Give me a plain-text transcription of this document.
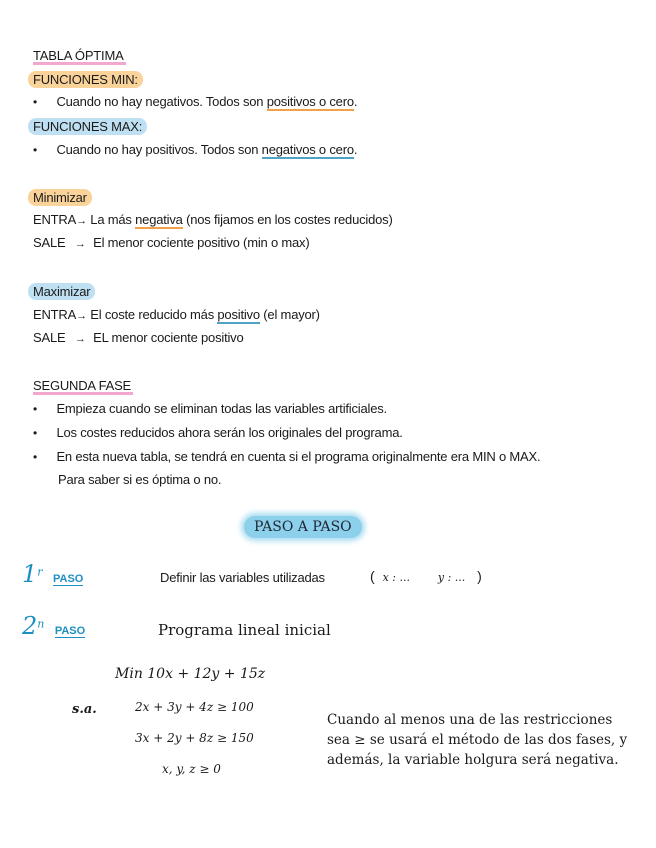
TABLA ÓPTIMA
FUNCIONES MIN:
• Cuando no hay negativos. Todos son positivos o cero.
FUNCIONES MAX:
• Cuando no hay positivos. Todos son negativos o cero.
Minimizar
ENTRA→ La más negativa (nos fijamos en los costes reducidos)
SALE → El menor cociente positivo (min o max)
Maximizar
ENTRA→ El coste reducido más positivo (el mayor)
SALE → EL menor cociente positivo
SEGUNDA FASE
• Empieza cuando se eliminan todas las variables artificiales.
• Los costes reducidos ahora serán los originales del programa.
• En esta nueva tabla, se tendrá en cuenta si el programa originalmente era MIN o MAX.
Para saber si es óptima o no.
PASO A PASO
1$^r$ PASO	Definir las variables utilizadas	( x : ...	y : ... )
2$^n$ PASO	Programa lineal inicial
Min 10x + 12y + 15z
s.a.	2x + 3y + 4z ≥ 100
3x + 2y + 8z ≥ 150
x, y, z ≥ 0
Cuando al menos una de las restricciones
sea ≥ se usará el método de las dos fases, y
además, la variable holgura será negativa.
